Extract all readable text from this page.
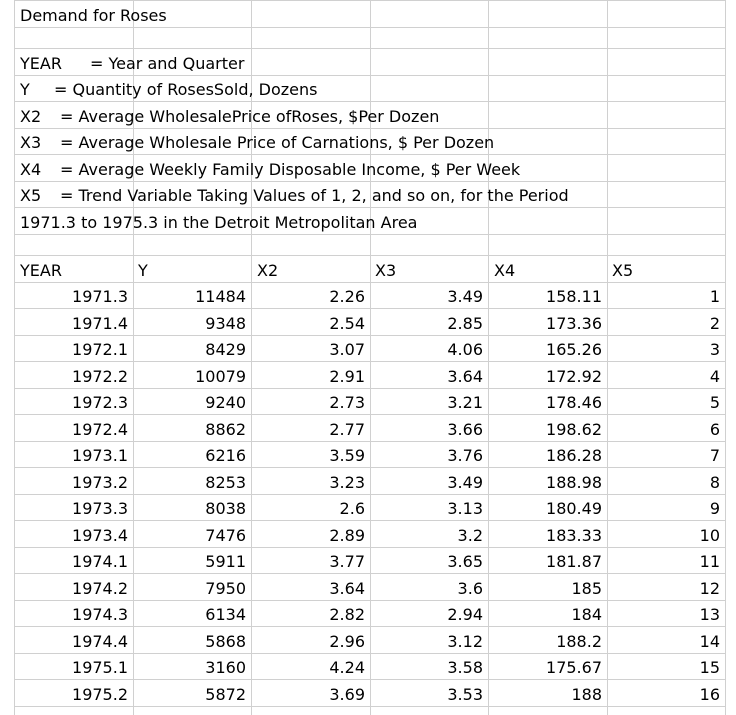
Demand for Roses
YEAR = Year and Quarter
Y = Quantity of RosesSold, Dozens
X2 = Average WholesalePrice ofRoses, $Per Dozen
X3 = Average Wholesale Price of Carnations, $ Per Dozen
X4 = Average Weekly Family Disposable Income, $ Per Week
X5 = Trend Variable Taking Values of 1, 2, and so on, for the Period
1971.3 to 1975.3 in the Detroit Metropolitan Area
YEAR	Y	X2	X3	X4	X5
1971.3	11484	2.26	3.49	158.11	1
1971.4	9348	2.54	2.85	173.36	2
1972.1	8429	3.07	4.06	165.26	3
1972.2	10079	2.91	3.64	172.92	4
1972.3	9240	2.73	3.21	178.46	5
1972.4	8862	2.77	3.66	198.62	6
1973.1	6216	3.59	3.76	186.28	7
1973.2	8253	3.23	3.49	188.98	8
1973.3	8038	2.6	3.13	180.49	9
1973.4	7476	2.89	3.2	183.33	10
1974.1	5911	3.77	3.65	181.87	11
1974.2	7950	3.64	3.6	185	12
1974.3	6134	2.82	2.94	184	13
1974.4	5868	2.96	3.12	188.2	14
1975.1	3160	4.24	3.58	175.67	15
1975.2	5872	3.69	3.53	188	16
